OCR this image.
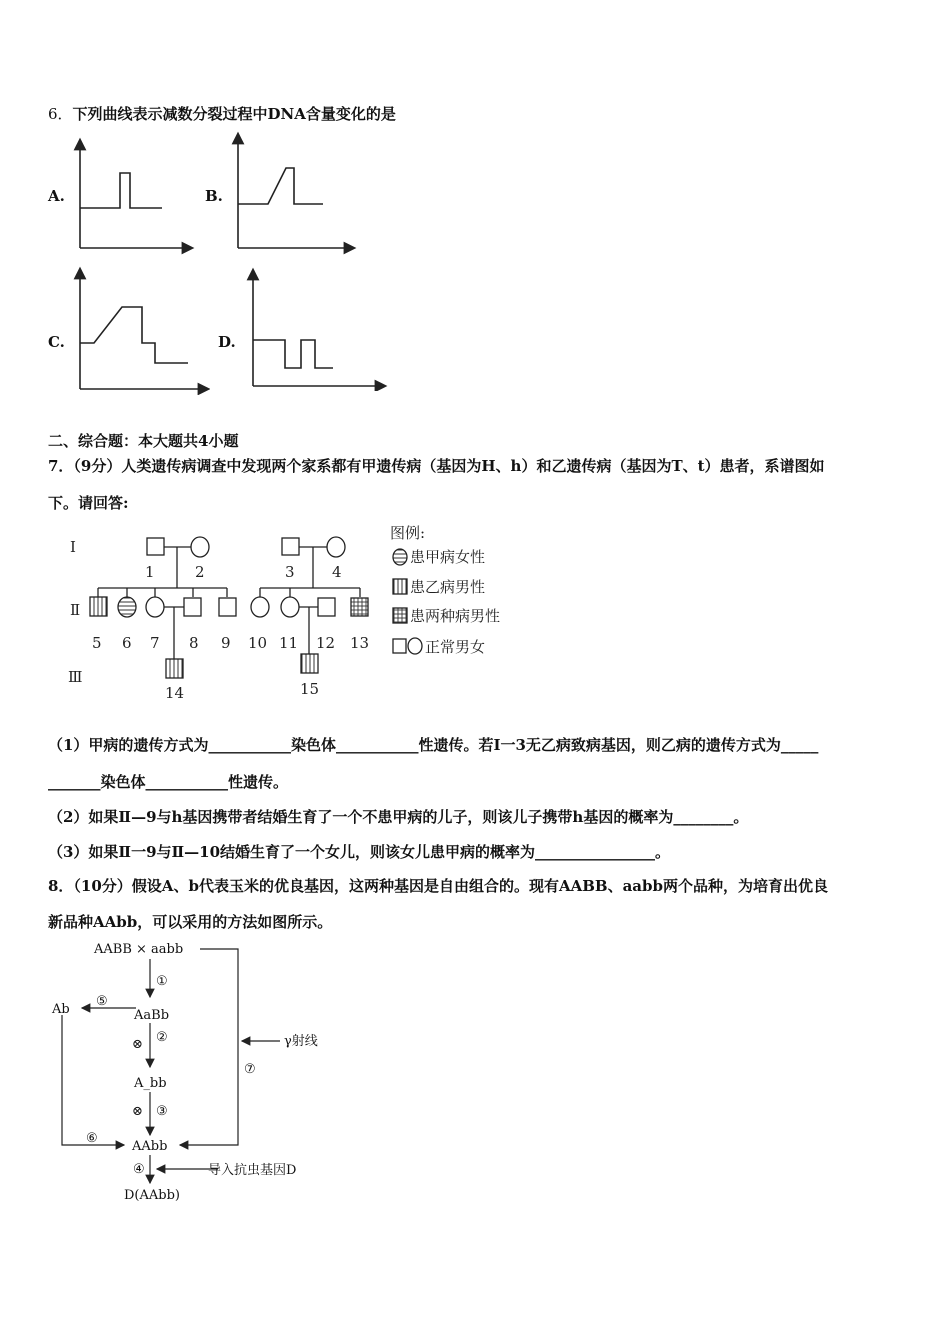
6．下列曲线表示减数分裂过程中DNA含量变化的是
A.	B.
C.	D.
二、综合题：本大题共4小题
7．（9分）人类遗传病调查中发现两个家系都有甲遗传病（基因为H、h）和乙遗传病（基因为T、t）患者，系谱图如
下。请回答:
Ⅰ
Ⅱ
Ⅲ
1	2	3 4
5 6 7 8 9 10 11 12 13
14	15
图例:
患甲病女性
患乙病男性
患两种病男性
正常男女
（1）甲病的遗传方式为___________染色体___________性遗传。若Ⅰ一3无乙病致病基因，则乙病的遗传方式为_____
_______染色体___________性遗传。
（2）如果Ⅱ—9与h基因携带者结婚生育了一个不患甲病的儿子，则该儿子携带h基因的概率为________。
（3）如果Ⅱ一9与Ⅱ—10结婚生育了一个女儿，则该女儿患甲病的概率为________________。
8．（10分）假设A、b代表玉米的优良基因，这两种基因是自由组合的。现有AABB、aabb两个品种，为培育出优良
新品种AAbb，可以采用的方法如图所示。
AABB × aabb
①
AaBb
⑤
Ab
⊗ ②
A_bb
⊗ ③
AAbb
⑥
⑦
γ射线
④	导入抗虫基因D
D(AAbb)
